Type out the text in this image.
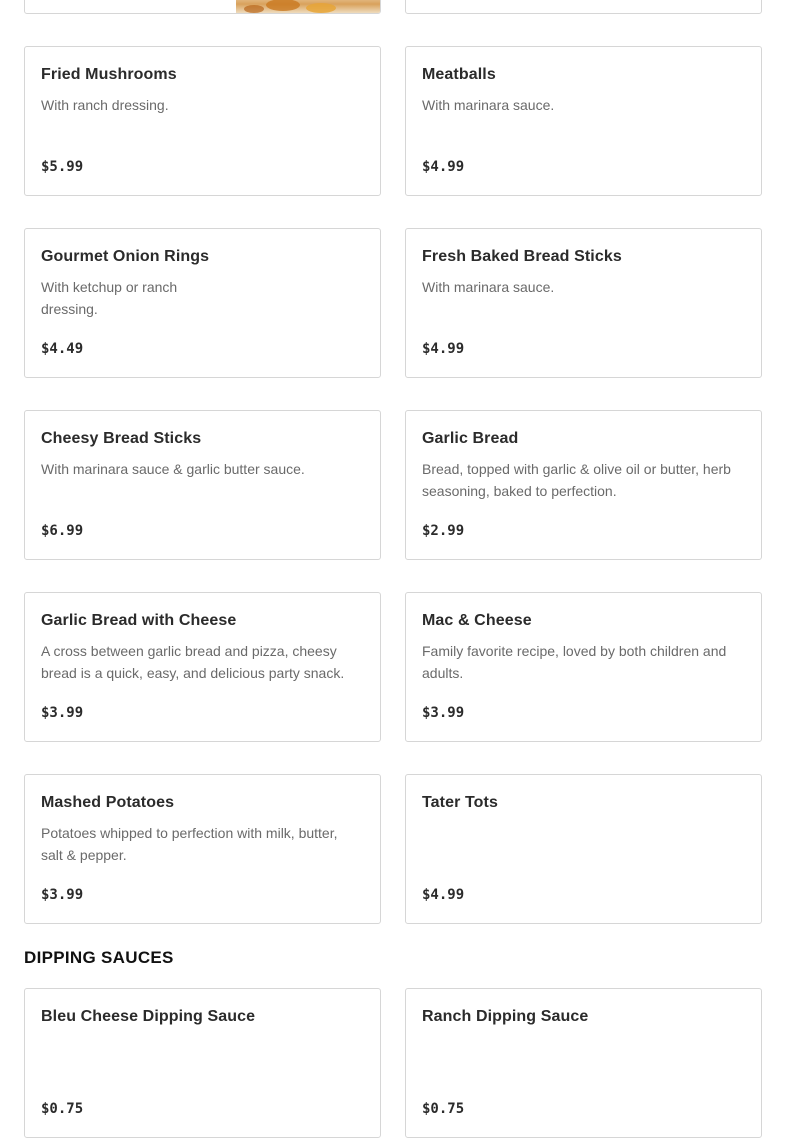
Fried Mushrooms
With ranch dressing.
$5.99
Meatballs
With marinara sauce.
$4.99
Gourmet Onion Rings
With ketchup or ranch dressing.
$4.49
Fresh Baked Bread Sticks
With marinara sauce.
$4.99
Cheesy Bread Sticks
With marinara sauce & garlic butter sauce.
$6.99
Garlic Bread
Bread, topped with garlic & olive oil or butter, herb seasoning, baked to perfection.
$2.99
Garlic Bread with Cheese
A cross between garlic bread and pizza, cheesy bread is a quick, easy, and delicious party snack.
$3.99
Mac & Cheese
Family favorite recipe, loved by both children and adults.
$3.99
Mashed Potatoes
Potatoes whipped to perfection with milk, butter, salt & pepper.
$3.99
Tater Tots
$4.99
DIPPING SAUCES
Bleu Cheese Dipping Sauce
$0.75
Ranch Dipping Sauce
$0.75
